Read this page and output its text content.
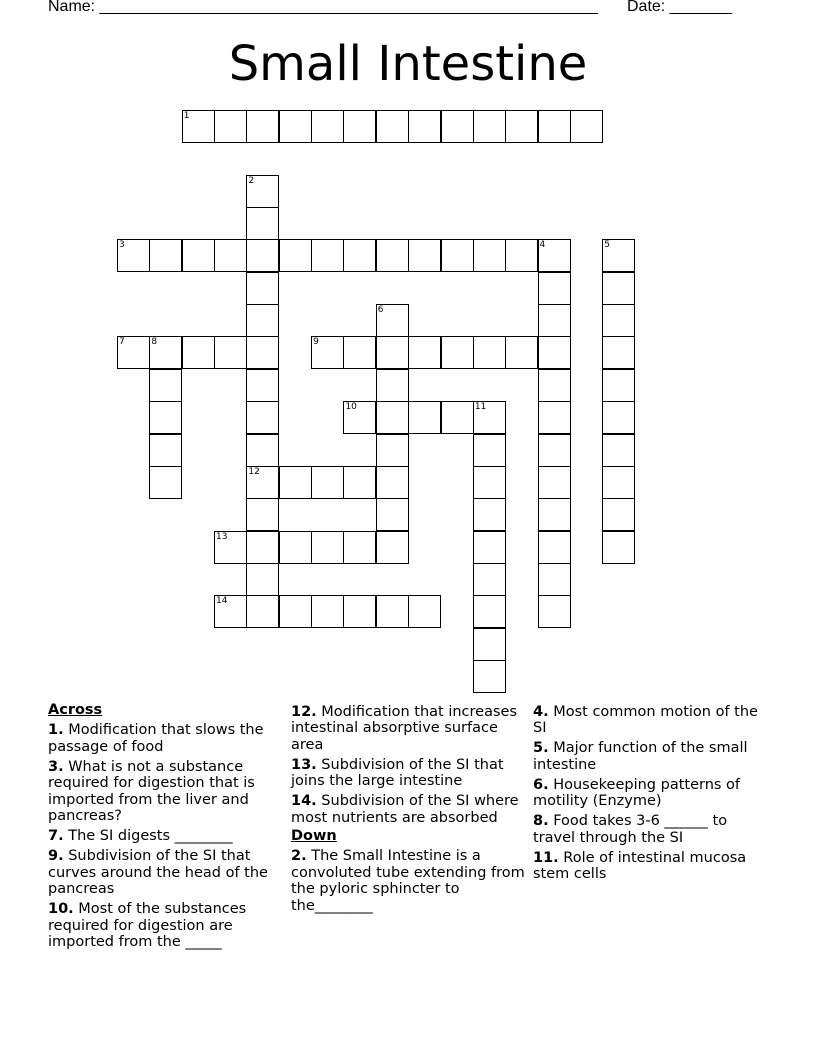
Name: ________________________________________________________ Date: _______
Small Intestine
1
2
12
3	4	5
6
7	8	9
10	11
13
14
Across
1. Modification that slows the passage of food
3. What is not a substance required for digestion that is imported from the liver and pancreas?
7. The SI digests ________
9. Subdivision of the SI that curves around the head of the pancreas
10. Most of the substances required for digestion are imported from the _____
12. Modification that increases intestinal absorptive surface area
13. Subdivision of the SI that joins the large intestine
14. Subdivision of the SI where most nutrients are absorbed
Down
2. The Small Intestine is a convoluted tube extending from the pyloric sphincter to the________
4. Most common motion of the SI
5. Major function of the small intestine
6. Housekeeping patterns of motility (Enzyme)
8. Food takes 3-6 ______ to travel through the SI
11. Role of intestinal mucosa stem cells
